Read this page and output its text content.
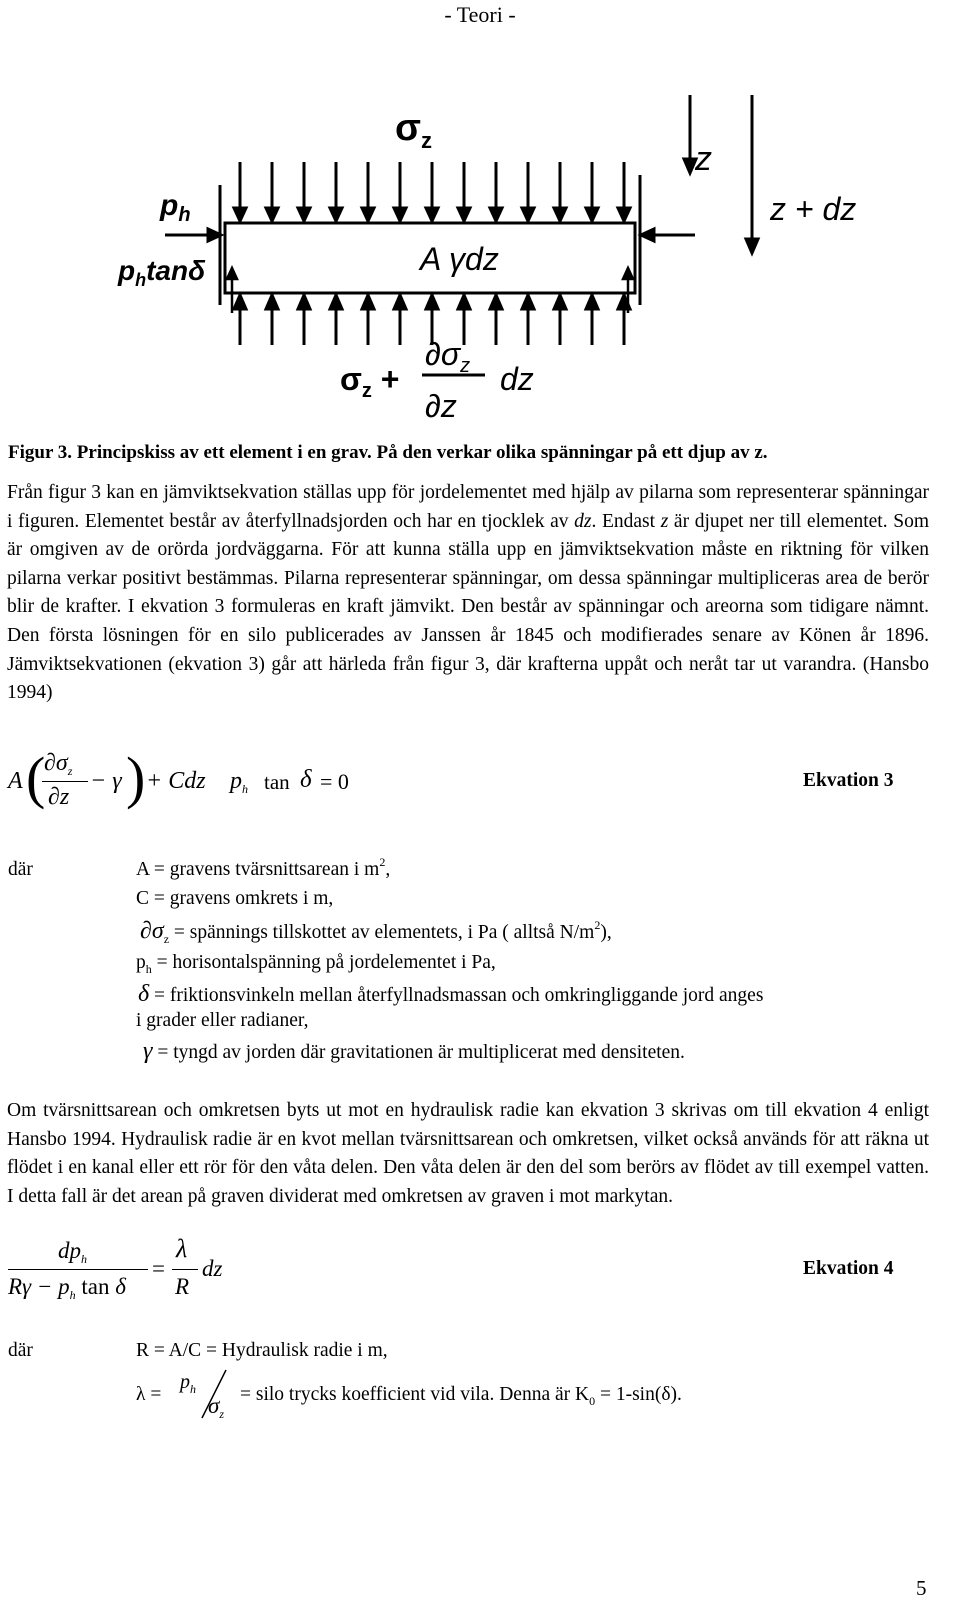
- Teori -
$\sigma_z$	z
z + dz
$p_h$
$p_h\tan\delta$	A γdz
$\sigma_z$ +
$\partial\sigma_z$
∂z
dz
Figur 3. Principskiss av ett element i en grav. På den verkar olika spänningar på ett djup av z.
Från figur 3 kan en jämviktsekvation ställas upp för jordelementet med hjälp av pilarna som representerar spänningar i figuren. Elementet består av återfyllnadsjorden och har en tjocklek av dz. Endast z är djupet ner till elementet. Som är omgiven av de orörda jordväggarna. För att kunna ställa upp en jämviktsekvation måste en riktning för vilken pilarna verkar positivt bestämmas. Pilarna representerar spänningar, om dessa spänningar multipliceras area de berör blir de krafter. I ekvation 3 formuleras en kraft jämvikt. Den består av spänningar och areorna som tidigare nämnt. Den första lösningen för en silo publicerades av Janssen år 1845 och modifierades senare av Könen år 1896. Jämviktsekvationen (ekvation 3) går att härleda från figur 3, där krafterna uppåt och neråt tar ut varandra. (Hansbo 1994)
A (
$\partial\sigma_z$
∂z
− γ ) + Cdz $p_h$ tan δ = 0	Ekvation 3
där	A = gravens tvärsnittsarean i $m^2$,
C = gravens omkrets i m,
$\partial\sigma_z$ = spännings tillskottet av elementets, i Pa ( alltså $N/m^2$),
$p_h$ = horisontalspänning på jordelementet i Pa,
δ = friktionsvinkeln mellan återfyllnadsmassan och omkringliggande jord anges
i grader eller radianer,
γ = tyngd av jorden där gravitationen är multiplicerat med densiteten.
Om tvärsnittsarean och omkretsen byts ut mot en hydraulisk radie kan ekvation 3 skrivas om till ekvation 4 enligt Hansbo 1994. Hydraulisk radie är en kvot mellan tvärsnittsarean och omkretsen, vilket också används för att räkna ut flödet i en kanal eller ett rör för den våta delen. Den våta delen är den del som berörs av flödet av till exempel vatten. I detta fall är det arean på graven dividerat med omkretsen av graven i mot markytan.
$dp_h$
$R\gamma - p_h$ tan δ
=
λ
R
dz	Ekvation 4
där	R = A/C = Hydraulisk radie i m,
λ =
$p_h$
$\sigma_z$
= silo trycks koefficient vid vila. Denna är $K_0 = 1-\sin(\delta)$.
5
